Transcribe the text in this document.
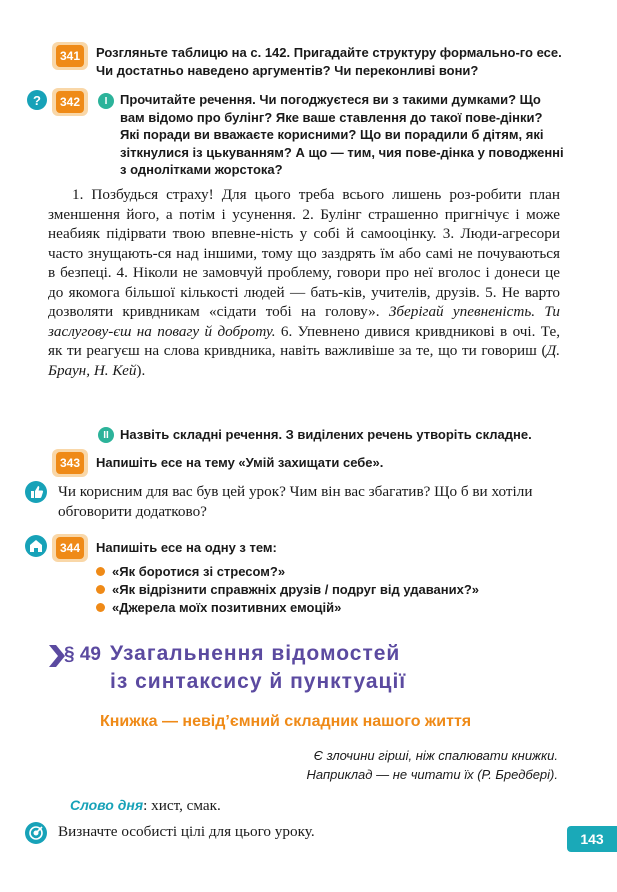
341	Розгляньте таблицю на с. 142. Пригадайте структуру формально-го есе. Чи достатньо наведено аргументів? Чи переконливі вони?
?	342	I Прочитайте речення. Чи погоджуєтеся ви з такими думками? Що вам відомо про булінг? Яке ваше ставлення до такої пове-дінки? Які поради ви вважаєте корисними? Що ви порадили б дітям, які зіткнулися із цькуванням? А що — тим, чия пове-дінка у поводженні з однолітками жорстока?

1. Позбудься страху! Для цього треба всього лишень роз-робити план зменшення його, а потім і усунення. 2. Булінг страшенно пригнічує і може неабияк підірвати твою впевне-ність у собі й самооцінку. 3. Люди-агресори часто знущають-ся над іншими, тому що заздрять їм або самі не почуваються в безпеці. 4. Ніколи не замовчуй проблему, говори про неї вголос і донеси це до якомога більшої кількості людей — бать-ків, учителів, друзів. 5. Не варто дозволяти кривдникам «сідати тобі на голову». Зберігай упевненість. Ти заслугову-єш на повагу й доброту. 6. Упевнено дивися кривдникові в очі. Те, як ти реагуєш на слова кривдника, навіть важливіше за те, що ти говориш (Д. Браун, Н. Кей).

II Назвіть складні речення. З виділених речень утворіть складне.
343	Напишіть есе на тему «Умій захищати себе».
Чи корисним для вас був цей урок? Чим він вас збагатив? Що б ви хотіли обговорити додатково?
344	Напишіть есе на одну з тем:
«Як боротися зі стресом?»
«Як відрізнити справжніх друзів / подруг від удаваних?»
«Джерела моїх позитивних емоцій»
§ 49 Узагальнення відомостей
із синтаксису й пунктуації
Книжка — невід’ємний складник нашого життя
Є злочини гірші, ніж спалювати книжки.
Наприклад — не читати їх (Р. Бредбері).
Слово дня: хист, смак.
Визначте особисті цілі для цього уроку.	143
